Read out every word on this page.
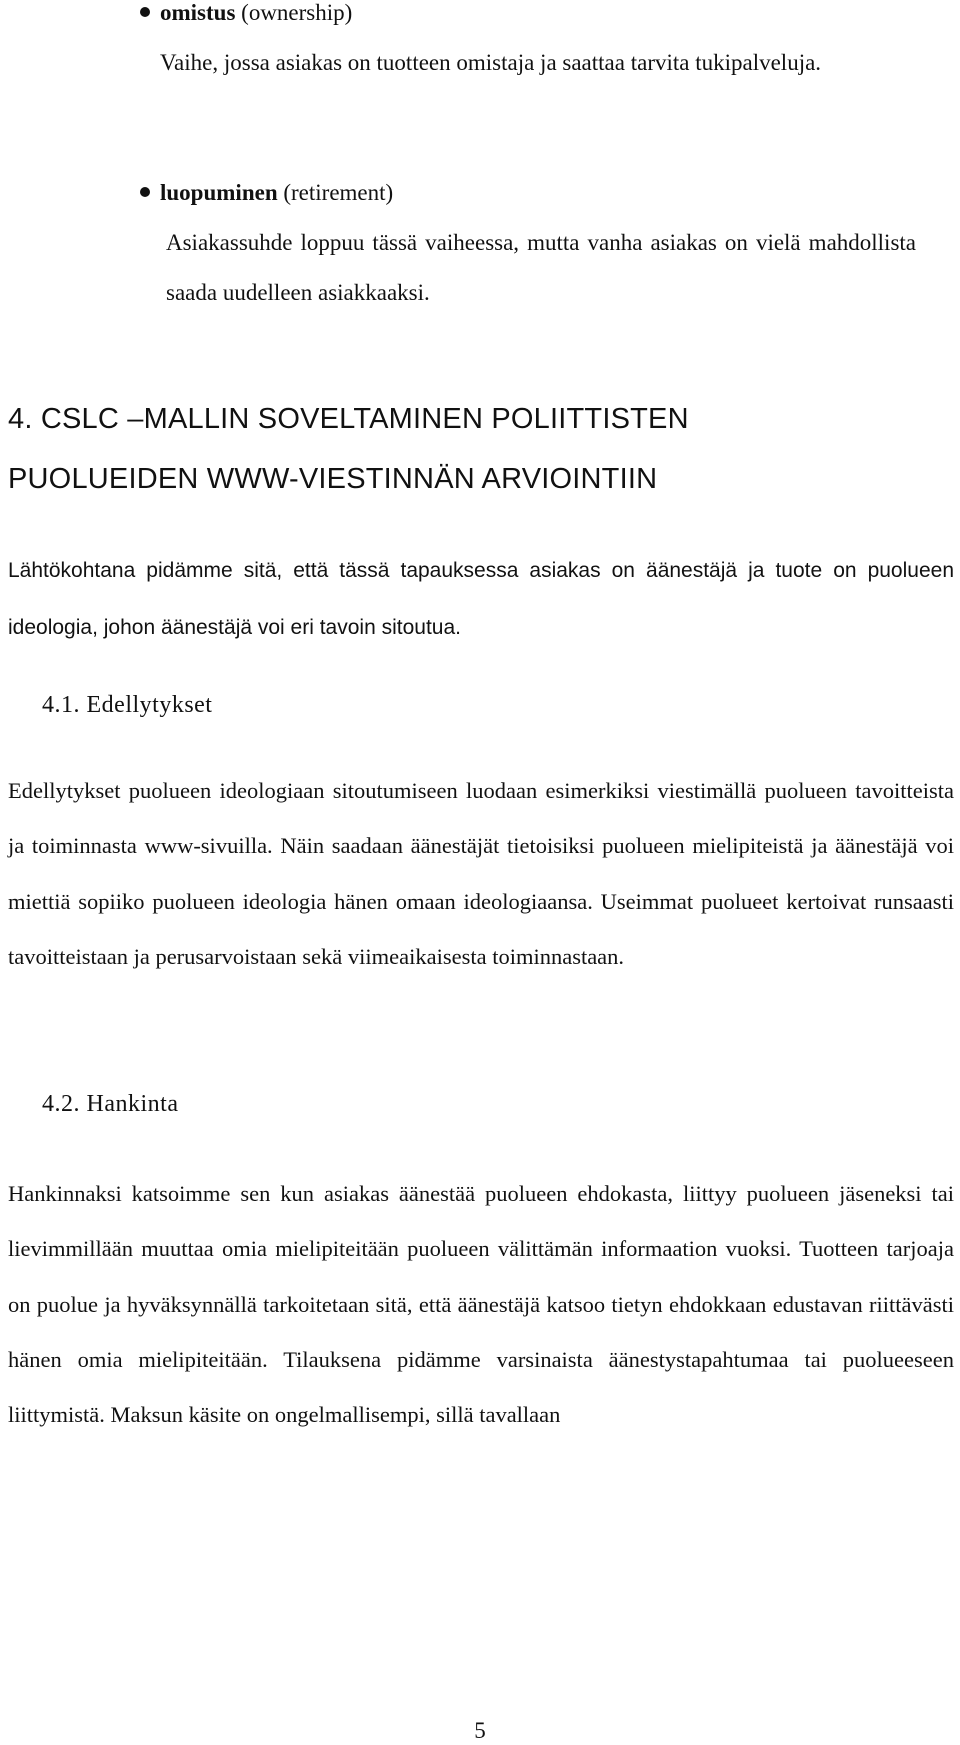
omistus (ownership)
Vaihe, jossa asiakas on tuotteen omistaja ja saattaa tarvita tukipalveluja.
luopuminen (retirement)
Asiakassuhde loppuu tässä vaiheessa, mutta vanha asiakas on vielä mahdollista saada uudelleen asiakkaaksi.
4. CSLC –MALLIN SOVELTAMINEN POLIITTISTEN
PUOLUEIDEN WWW-VIESTINNÄN ARVIOINTIIN
Lähtökohtana pidämme sitä, että tässä tapauksessa asiakas on äänestäjä ja tuote on puolueen ideologia, johon äänestäjä voi eri tavoin sitoutua.
4.1. Edellytykset
Edellytykset puolueen ideologiaan sitoutumiseen luodaan esimerkiksi viestimällä puolueen tavoitteista ja toiminnasta www-sivuilla. Näin saadaan äänestäjät tietoisiksi puolueen mielipiteistä ja äänestäjä voi miettiä sopiiko puolueen ideologia hänen omaan ideologiaansa. Useimmat puolueet kertoivat runsaasti tavoitteistaan ja perusarvoistaan sekä viimeaikaisesta toiminnastaan.
4.2. Hankinta
Hankinnaksi katsoimme sen kun asiakas äänestää puolueen ehdokasta, liittyy puolueen jäseneksi tai lievimmillään muuttaa omia mielipiteitään puolueen välittämän informaation vuoksi. Tuotteen tarjoaja on puolue ja hyväksynnällä tarkoitetaan sitä, että äänestäjä katsoo tietyn ehdokkaan edustavan riittävästi hänen omia mielipiteitään. Tilauksena pidämme varsinaista äänestystapahtumaa tai puolueeseen liittymistä. Maksun käsite on ongelmallisempi, sillä tavallaan
5
